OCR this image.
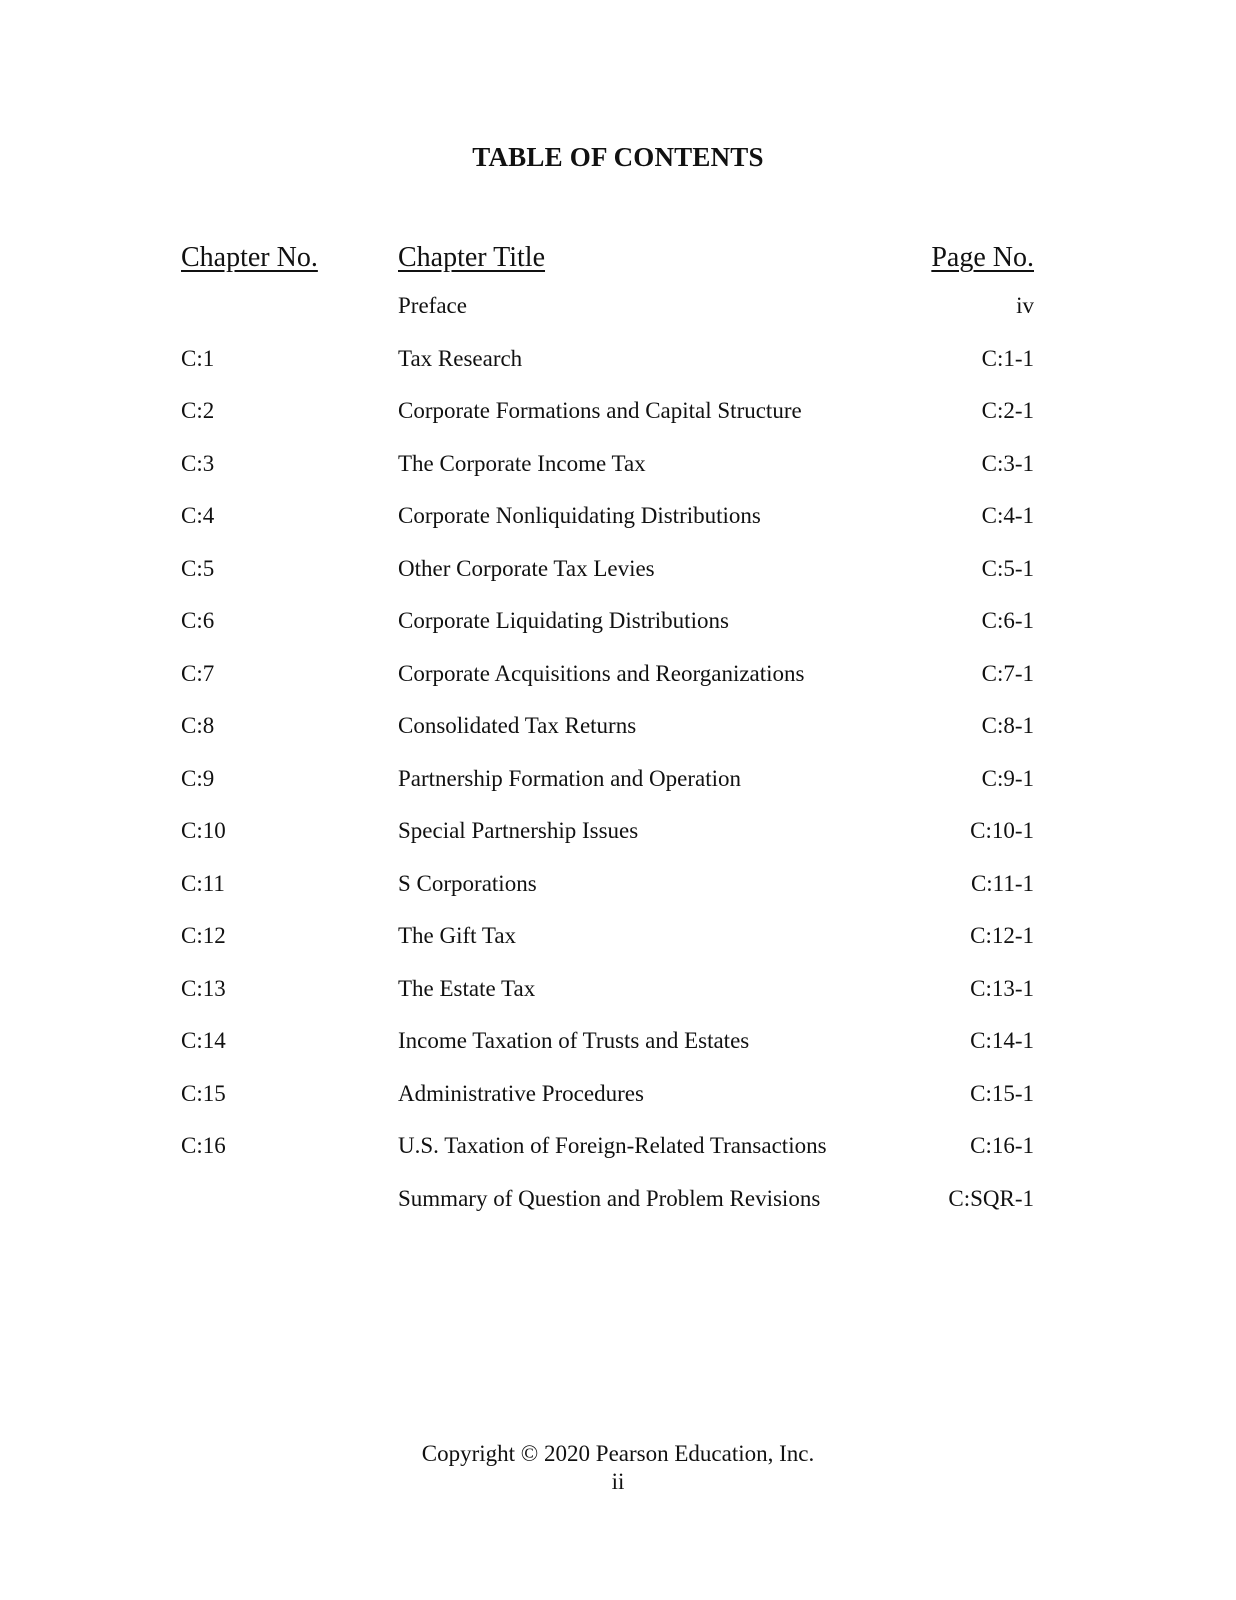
TABLE OF CONTENTS
Chapter No.	Chapter Title	Page No.
Preface	iv
C:1	Tax Research	C:1-1
C:2	Corporate Formations and Capital Structure	C:2-1
C:3	The Corporate Income Tax	C:3-1
C:4	Corporate Nonliquidating Distributions	C:4-1
C:5	Other Corporate Tax Levies	C:5-1
C:6	Corporate Liquidating Distributions	C:6-1
C:7	Corporate Acquisitions and Reorganizations	C:7-1
C:8	Consolidated Tax Returns	C:8-1
C:9	Partnership Formation and Operation	C:9-1
C:10	Special Partnership Issues	C:10-1
C:11	S Corporations	C:11-1
C:12	The Gift Tax	C:12-1
C:13	The Estate Tax	C:13-1
C:14	Income Taxation of Trusts and Estates	C:14-1
C:15	Administrative Procedures	C:15-1
C:16	U.S. Taxation of Foreign-Related Transactions	C:16-1
Summary of Question and Problem Revisions	C:SQR-1
Copyright © 2020 Pearson Education, Inc.
ii
